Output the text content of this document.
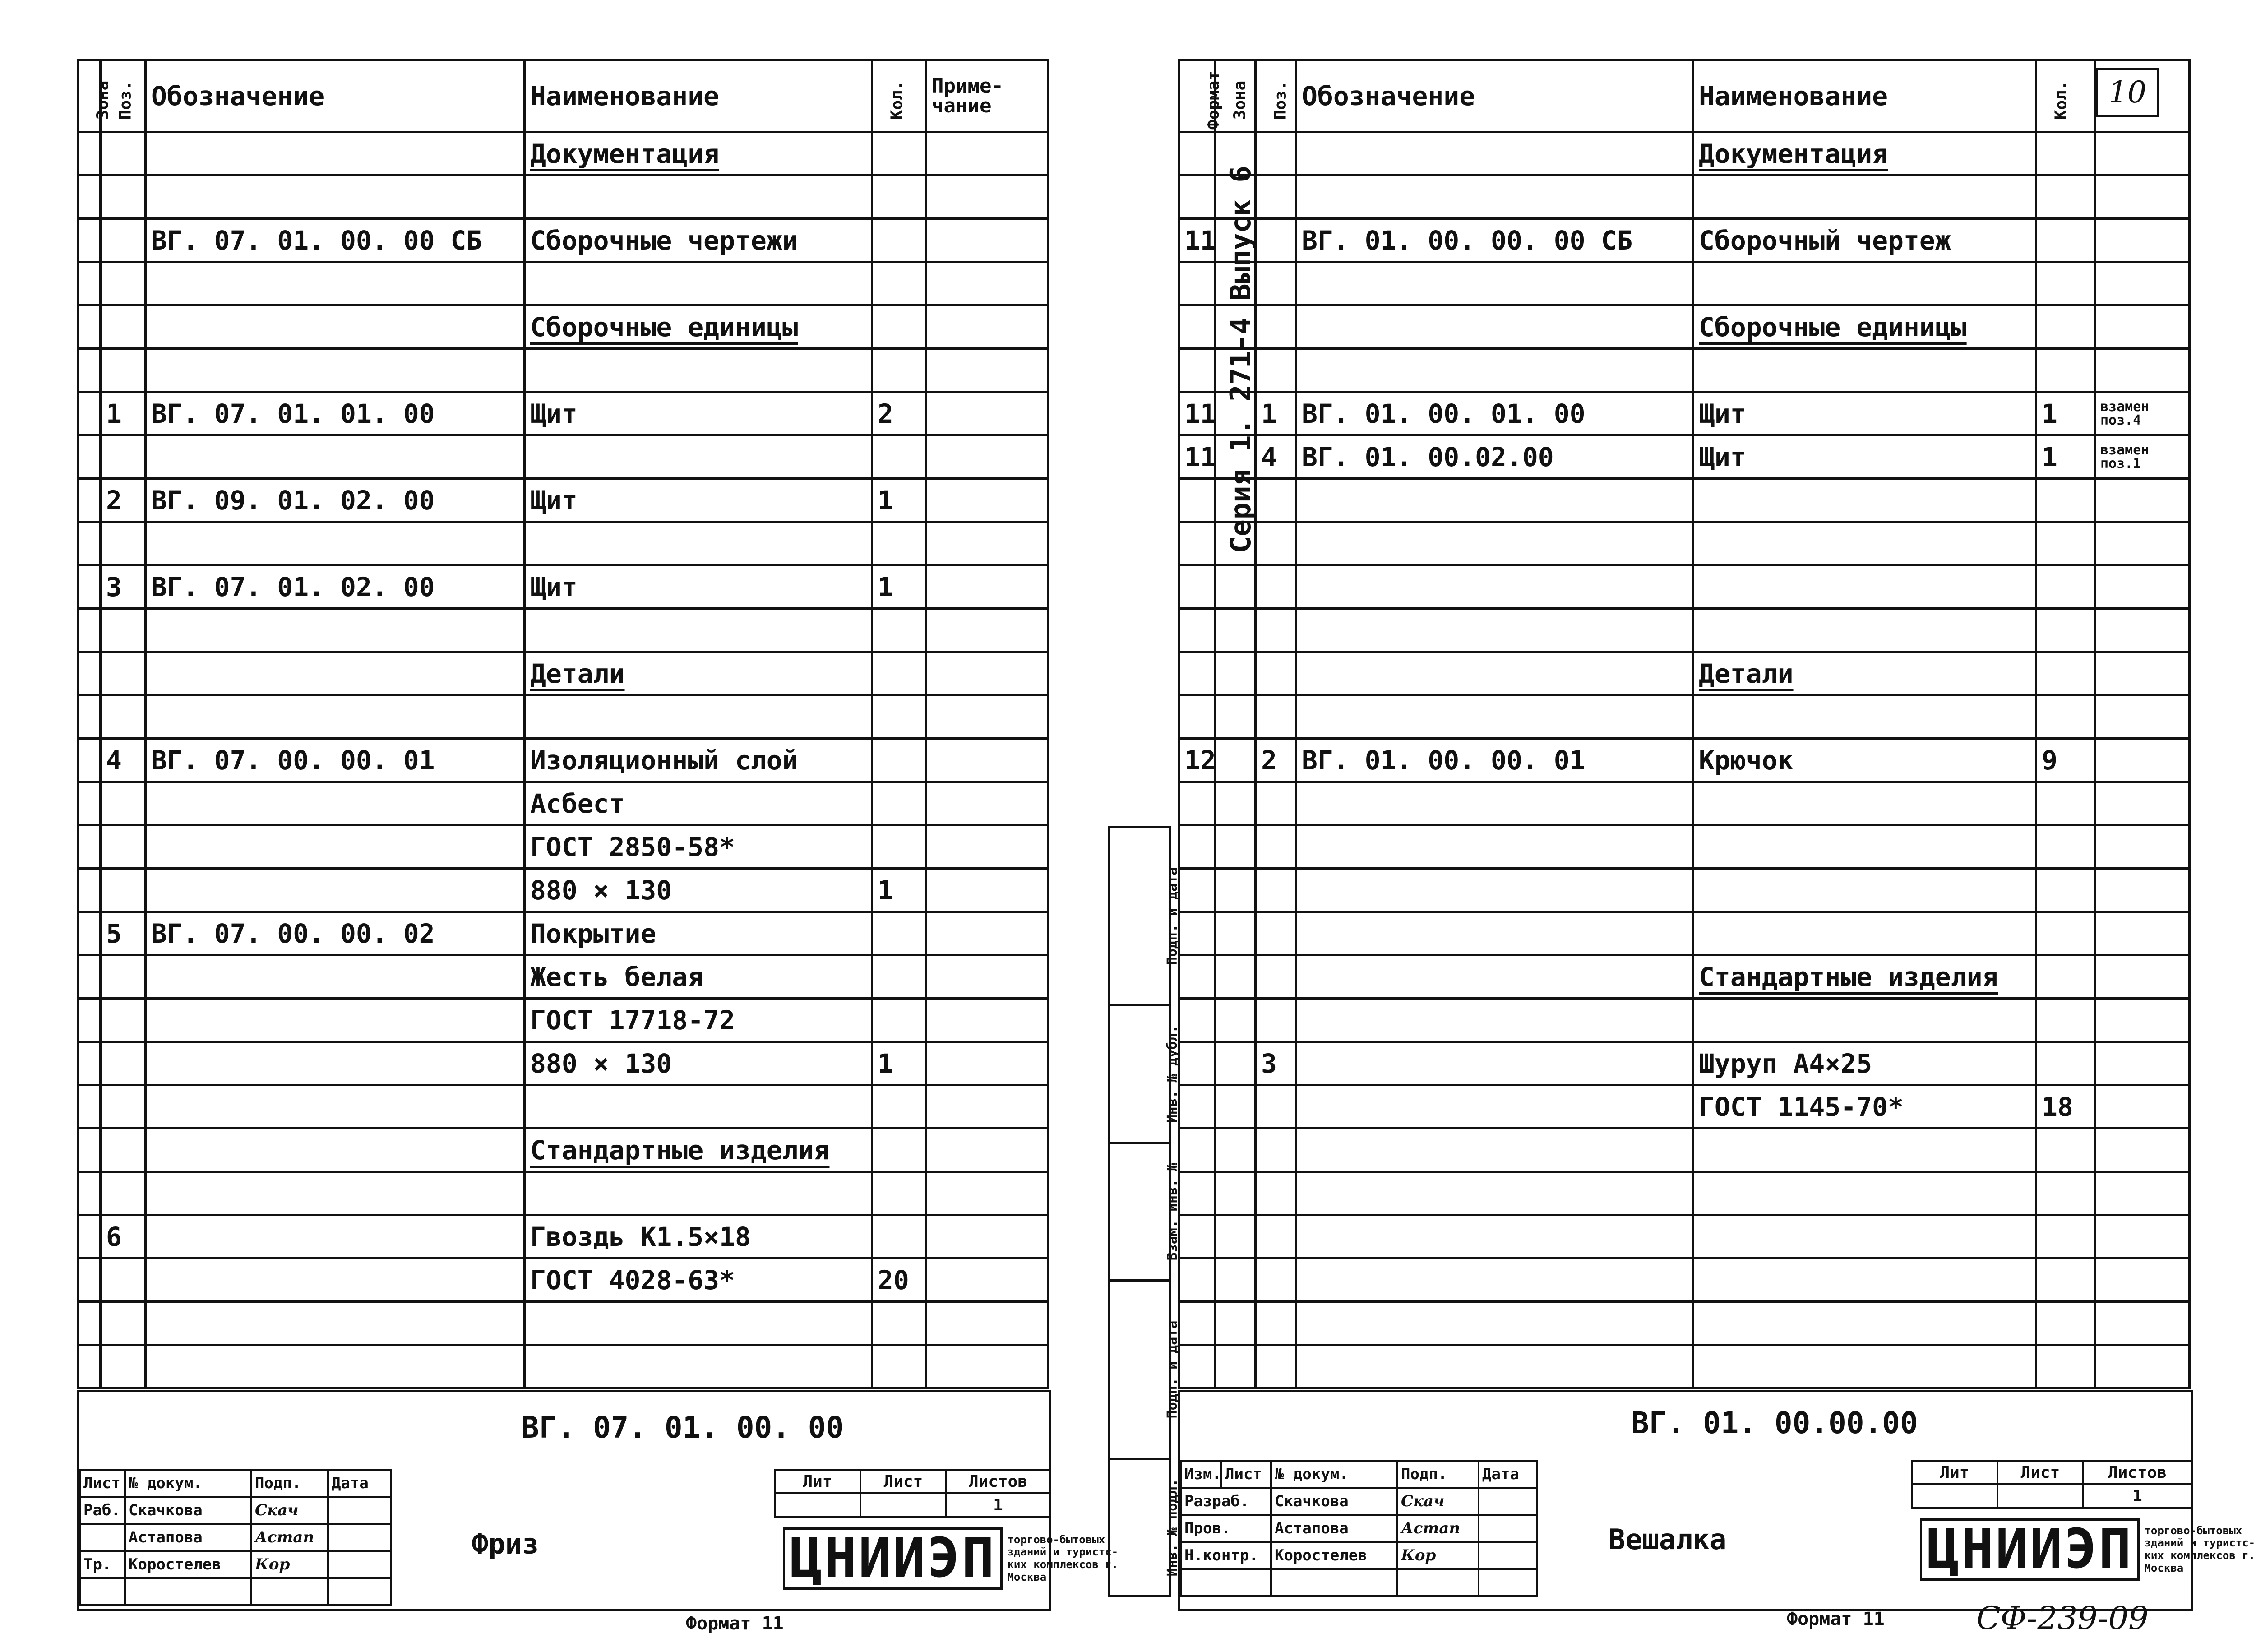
Зона	Поз.	Обозначение	Наименование	Кол.	Приме-
чание
			Документация		

		ВГ. 07. 01. 00. 00 СБ	Сборочные чертежи		

			Сборочные единицы		

	1	ВГ. 07. 01. 01. 00	Щит	2	

	2	ВГ. 09. 01. 02. 00	Щит	1	

	3	ВГ. 07. 01. 02. 00	Щит	1	

			Детали		

	4	ВГ. 07. 00. 00. 01	Изоляционный слой		
			Асбест		
			ГОСТ 2850-58*		
			880 × 130	1	
	5	ВГ. 07. 00. 00. 02	Покрытие		
			Жесть белая		
			ГОСТ 17718-72		
			880 × 130	1	

			Стандартные изделия		

	6		Гвоздь К1.5×18		
			ГОСТ 4028-63*	20	

Лист	№ докум.	Подп.	Дата
Раб.	Скачкова	Скач	
	Астапова	Астап	
Тр.	Коростелев	Кор	

ВГ. 07. 01. 00. 00
Фриз
Лит	Лист	Листов
		1
ЦНИИЭП	торгово-бытовых зданий и туристс- ких комплексов г. Москва
Формат 11
Серия 1. 271-4 Выпуск 6
Подп. и дата
Инв. № дубл.
Взам. инв. №
Подп. и дата
Инв. № подл.
Формат	Зона	Поз.	Обозначение	Наименование	Кол.	
				Документация		

11			ВГ. 01. 00. 00. 00 СБ	Сборочный чертеж		

				Сборочные единицы		

11		1	ВГ. 01. 00. 01. 00	Щит	1	взамен поз.4
11		4	ВГ. 01. 00.02.00	Щит	1	взамен поз.1

				Детали		

12		2	ВГ. 01. 00. 00. 01	Крючок	9	

				Стандартные изделия		

		3		Шуруп А4×25		
				ГОСТ 1145-70*	18	

10
Изм.	Лист	№ докум.	Подп.	Дата
Разраб.		Скачкова	Скач	
Пров.		Астапова	Астап	
Н.контр.		Коростелев	Кор	

ВГ. 01. 00.00.00
Вешалка
Лит	Лист	Листов
		1
ЦНИИЭП	торгово-бытовых зданий и туристс- ких комплексов г. Москва
Формат 11	СФ-239-09
